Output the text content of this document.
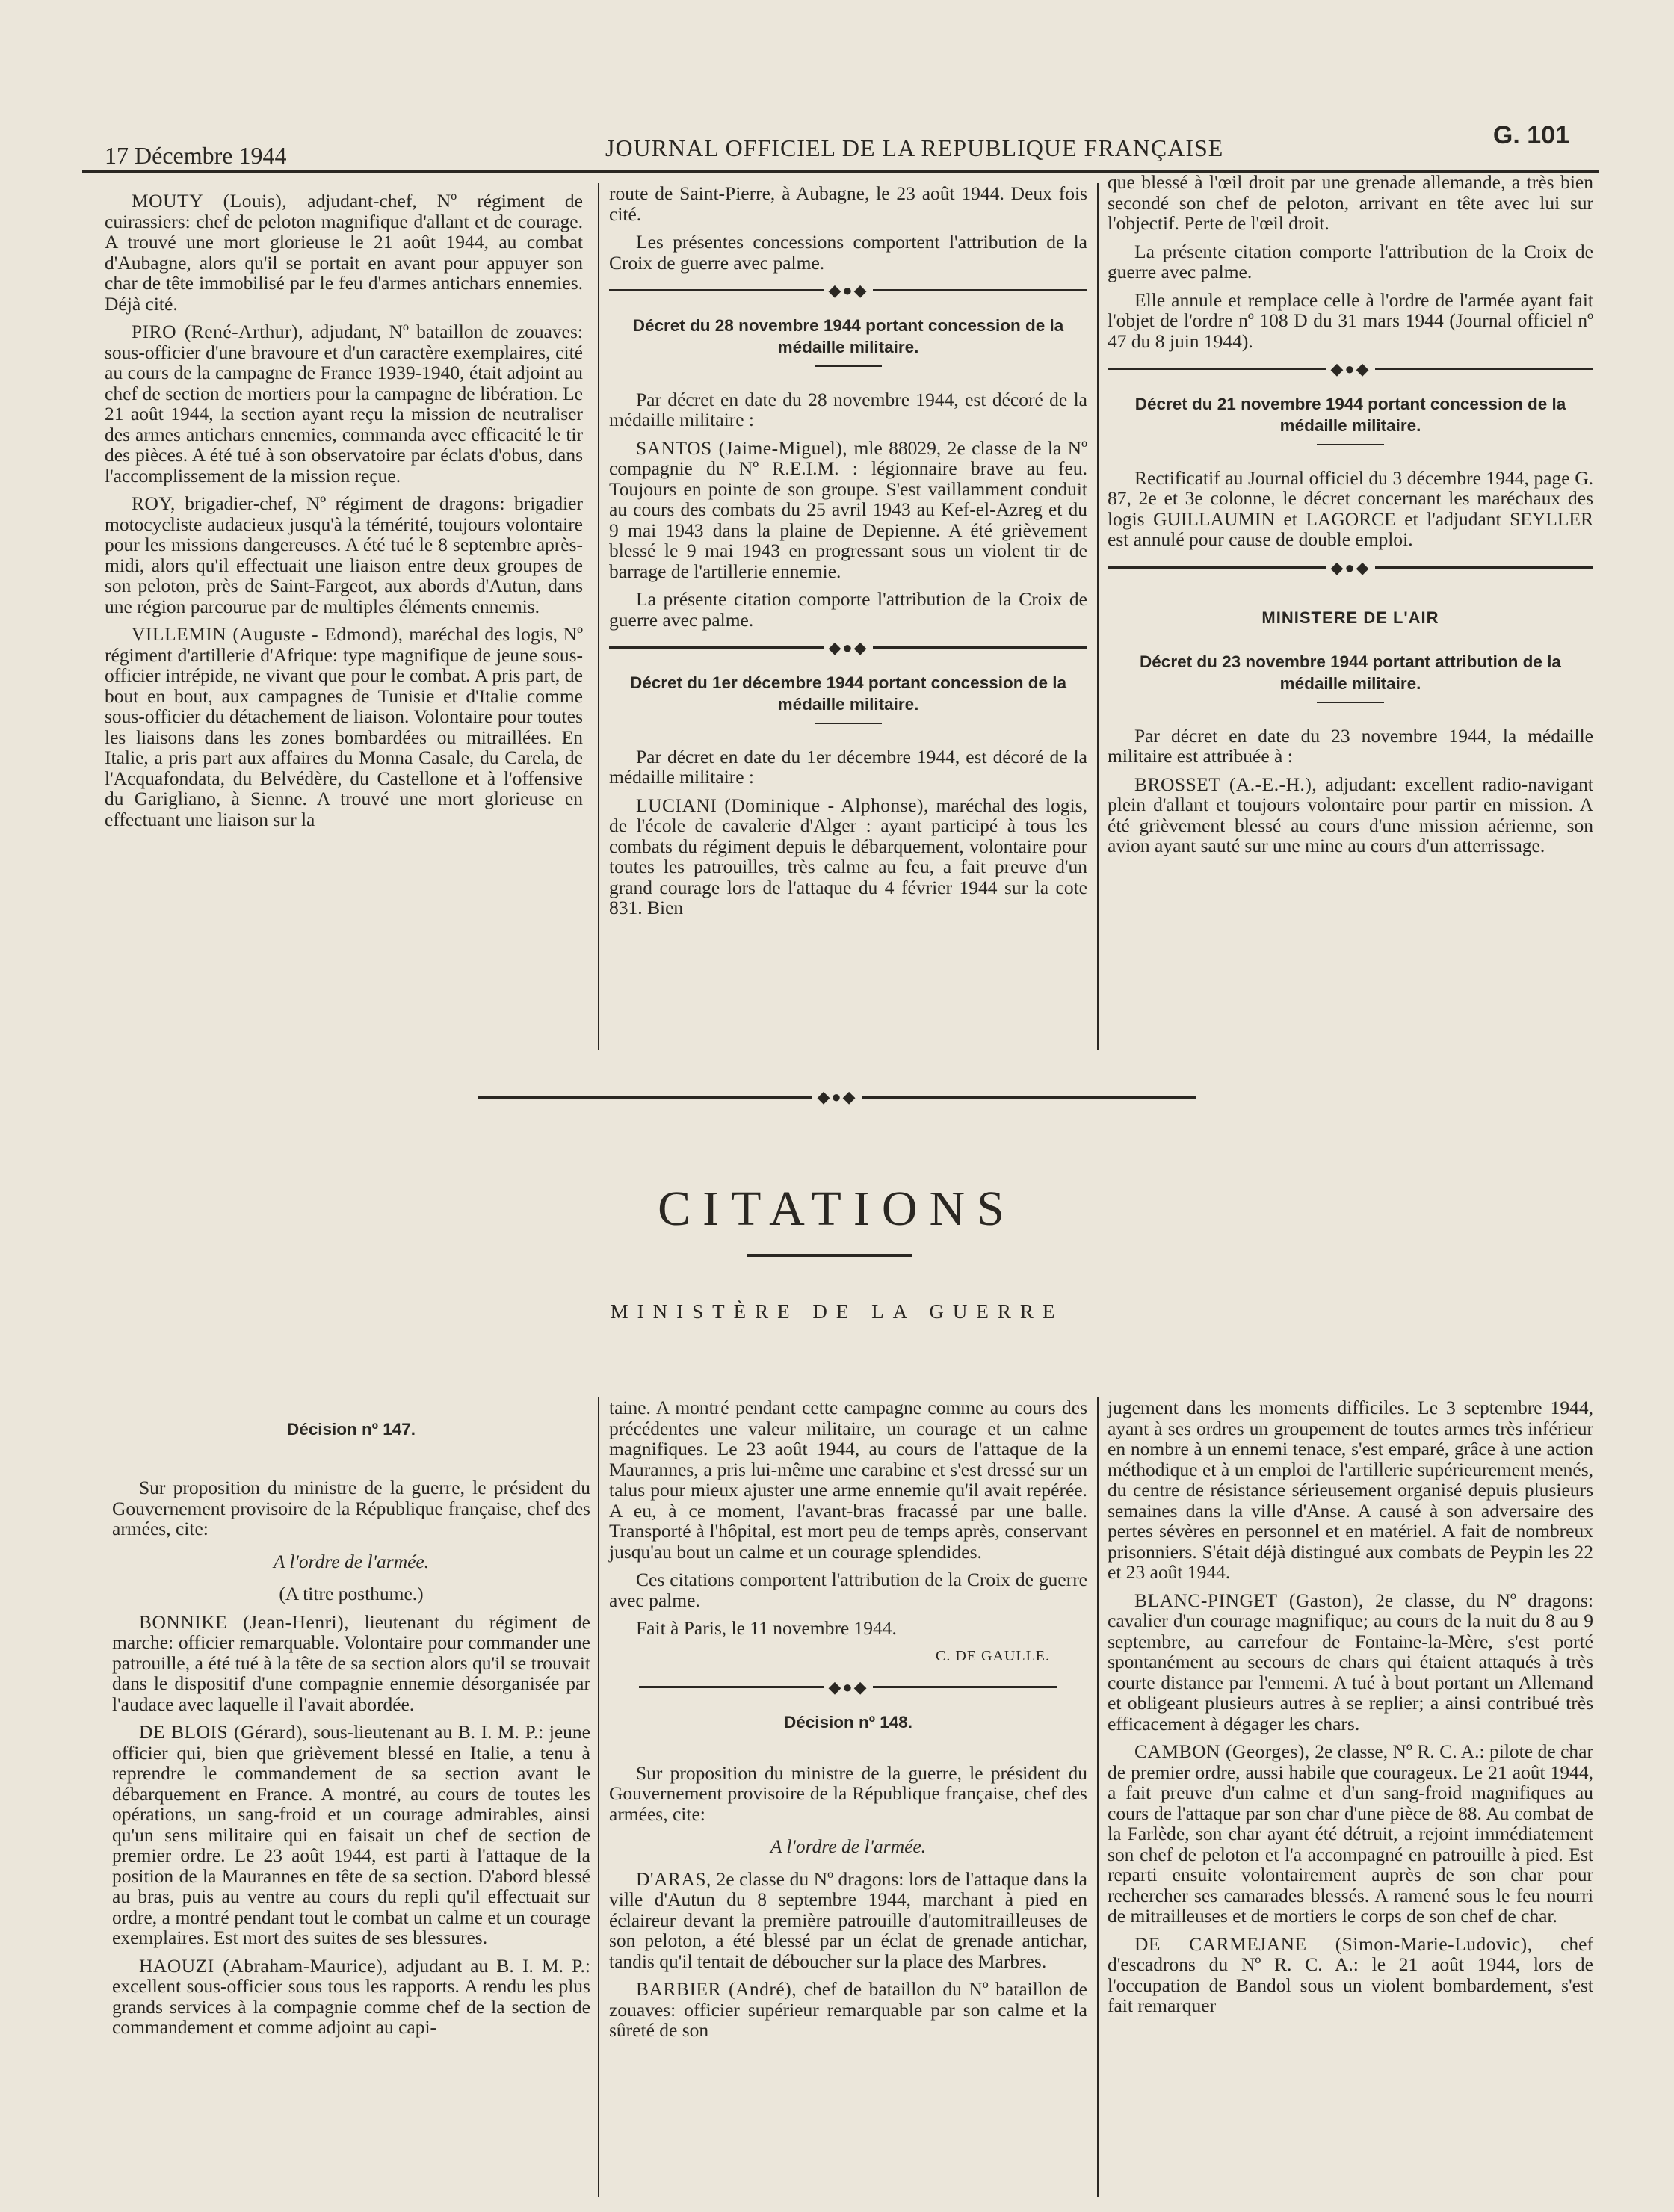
17 Décembre 1944	JOURNAL OFFICIEL DE LA REPUBLIQUE FRANÇAISE	G. 101

MOUTY (Louis), adjudant-chef, Nº régiment de cuirassiers: chef de peloton magnifique d'allant et de courage. A trouvé une mort glorieuse le 21 août 1944, au combat d'Aubagne, alors qu'il se portait en avant pour appuyer son char de tête immobilisé par le feu d'armes antichars ennemies. Déjà cité.

PIRO (René-Arthur), adjudant, Nº bataillon de zouaves: sous-officier d'une bravoure et d'un caractère exemplaires, cité au cours de la campagne de France 1939-1940, était adjoint au chef de section de mortiers pour la campagne de libération. Le 21 août 1944, la section ayant reçu la mission de neutraliser des armes antichars ennemies, commanda avec efficacité le tir des pièces. A été tué à son observatoire par éclats d'obus, dans l'accomplissement de la mission reçue.

ROY, brigadier-chef, Nº régiment de dragons: brigadier motocycliste audacieux jusqu'à la témérité, toujours volontaire pour les missions dangereuses. A été tué le 8 septembre après-midi, alors qu'il effectuait une liaison entre deux groupes de son peloton, près de Saint-Fargeot, aux abords d'Autun, dans une région parcourue par de multiples éléments ennemis.

VILLEMIN (Auguste - Edmond), maréchal des logis, Nº régiment d'artillerie d'Afrique: type magnifique de jeune sous-officier intrépide, ne vivant que pour le combat. A pris part, de bout en bout, aux campagnes de Tunisie et d'Italie comme sous-officier du détachement de liaison. Volontaire pour toutes les liaisons dans les zones bombardées ou mitraillées. En Italie, a pris part aux affaires du Monna Casale, du Carela, de l'Acquafondata, du Belvédère, du Castellone et à l'offensive du Garigliano, à Sienne. A trouvé une mort glorieuse en effectuant une liaison sur la

route de Saint-Pierre, à Aubagne, le 23 août 1944. Deux fois cité.

Les présentes concessions comportent l'attribution de la Croix de guerre avec palme.

◆●◆
Décret du 28 novembre 1944 portant concession de la médaille militaire.

Par décret en date du 28 novembre 1944, est décoré de la médaille militaire :

SANTOS (Jaime-Miguel), mle 88029, 2e classe de la Nº compagnie du Nº R.E.I.M. : légionnaire brave au feu. Toujours en pointe de son groupe. S'est vaillamment conduit au cours des combats du 25 avril 1943 au Kef-el-Azreg et du 9 mai 1943 dans la plaine de Depienne. A été grièvement blessé le 9 mai 1943 en progressant sous un violent tir de barrage de l'artillerie ennemie.

La présente citation comporte l'attribution de la Croix de guerre avec palme.

◆●◆
Décret du 1er décembre 1944 portant concession de la médaille militaire.

Par décret en date du 1er décembre 1944, est décoré de la médaille militaire :

LUCIANI (Dominique - Alphonse), maréchal des logis, de l'école de cavalerie d'Alger : ayant participé à tous les combats du régiment depuis le débarquement, volontaire pour toutes les patrouilles, très calme au feu, a fait preuve d'un grand courage lors de l'attaque du 4 février 1944 sur la cote 831. Bien

que blessé à l'œil droit par une grenade allemande, a très bien secondé son chef de peloton, arrivant en tête avec lui sur l'objectif. Perte de l'œil droit.

La présente citation comporte l'attribution de la Croix de guerre avec palme.

Elle annule et remplace celle à l'ordre de l'armée ayant fait l'objet de l'ordre nº 108 D du 31 mars 1944 (Journal officiel nº 47 du 8 juin 1944).

◆●◆
Décret du 21 novembre 1944 portant concession de la médaille militaire.

Rectificatif au Journal officiel du 3 décembre 1944, page G. 87, 2e et 3e colonne, le décret concernant les maréchaux des logis GUILLAUMIN et LAGORCE et l'adjudant SEYLLER est annulé pour cause de double emploi.

◆●◆
MINISTERE DE L'AIR
Décret du 23 novembre 1944 portant attribution de la médaille militaire.

Par décret en date du 23 novembre 1944, la médaille militaire est attribuée à :

BROSSET (A.-E.-H.), adjudant: excellent radio-navigant plein d'allant et toujours volontaire pour partir en mission. A été grièvement blessé au cours d'une mission aérienne, son avion ayant sauté sur une mine au cours d'un atterrissage.

◆●◆
CITATIONS
MINISTÈRE DE LA GUERRE
Décision nº 147.

Sur proposition du ministre de la guerre, le président du Gouvernement provisoire de la République française, chef des armées, cite:

A l'ordre de l'armée.

(A titre posthume.)

BONNIKE (Jean-Henri), lieutenant du régiment de marche: officier remarquable. Volontaire pour commander une patrouille, a été tué à la tête de sa section alors qu'il se trouvait dans le dispositif d'une compagnie ennemie désorganisée par l'audace avec laquelle il l'avait abordée.

DE BLOIS (Gérard), sous-lieutenant au B. I. M. P.: jeune officier qui, bien que grièvement blessé en Italie, a tenu à reprendre le commandement de sa section avant le débarquement en France. A montré, au cours de toutes les opérations, un sang-froid et un courage admirables, ainsi qu'un sens militaire qui en faisait un chef de section de premier ordre. Le 23 août 1944, est parti à l'attaque de la position de la Maurannes en tête de sa section. D'abord blessé au bras, puis au ventre au cours du repli qu'il effectuait sur ordre, a montré pendant tout le combat un calme et un courage exemplaires. Est mort des suites de ses blessures.

HAOUZI (Abraham-Maurice), adjudant au B. I. M. P.: excellent sous-officier sous tous les rapports. A rendu les plus grands services à la compagnie comme chef de la section de commandement et comme adjoint au capi-

taine. A montré pendant cette campagne comme au cours des précédentes une valeur militaire, un courage et un calme magnifiques. Le 23 août 1944, au cours de l'attaque de la Maurannes, a pris lui-même une carabine et s'est dressé sur un talus pour mieux ajuster une arme ennemie qu'il avait repérée. A eu, à ce moment, l'avant-bras fracassé par une balle. Transporté à l'hôpital, est mort peu de temps après, conservant jusqu'au bout un calme et un courage splendides.

Ces citations comportent l'attribution de la Croix de guerre avec palme.

Fait à Paris, le 11 novembre 1944.

C. DE GAULLE.
◆●◆
Décision nº 148.

Sur proposition du ministre de la guerre, le président du Gouvernement provisoire de la République française, chef des armées, cite:

A l'ordre de l'armée.

D'ARAS, 2e classe du Nº dragons: lors de l'attaque dans la ville d'Autun du 8 septembre 1944, marchant à pied en éclaireur devant la première patrouille d'automitrailleuses de son peloton, a été blessé par un éclat de grenade antichar, tandis qu'il tentait de déboucher sur la place des Marbres.

BARBIER (André), chef de bataillon du Nº bataillon de zouaves: officier supérieur remarquable par son calme et la sûreté de son

jugement dans les moments difficiles. Le 3 septembre 1944, ayant à ses ordres un groupement de toutes armes très inférieur en nombre à un ennemi tenace, s'est emparé, grâce à une action méthodique et à un emploi de l'artillerie supérieurement menés, du centre de résistance sérieusement organisé depuis plusieurs semaines dans la ville d'Anse. A causé à son adversaire des pertes sévères en personnel et en matériel. A fait de nombreux prisonniers. S'était déjà distingué aux combats de Peypin les 22 et 23 août 1944.

BLANC-PINGET (Gaston), 2e classe, du Nº dragons: cavalier d'un courage magnifique; au cours de la nuit du 8 au 9 septembre, au carrefour de Fontaine-la-Mère, s'est porté spontanément au secours de chars qui étaient attaqués à très courte distance par l'ennemi. A tué à bout portant un Allemand et obligeant plusieurs autres à se replier; a ainsi contribué très efficacement à dégager les chars.

CAMBON (Georges), 2e classe, Nº R. C. A.: pilote de char de premier ordre, aussi habile que courageux. Le 21 août 1944, a fait preuve d'un calme et d'un sang-froid magnifiques au cours de l'attaque par son char d'une pièce de 88. Au combat de la Farlède, son char ayant été détruit, a rejoint immédiatement son chef de peloton et l'a accompagné en patrouille à pied. Est reparti ensuite volontairement auprès de son char pour rechercher ses camarades blessés. A ramené sous le feu nourri de mitrailleuses et de mortiers le corps de son chef de char.

DE CARMEJANE (Simon-Marie-Ludovic), chef d'escadrons du Nº R. C. A.: le 21 août 1944, lors de l'occupation de Bandol sous un violent bombardement, s'est fait remarquer
